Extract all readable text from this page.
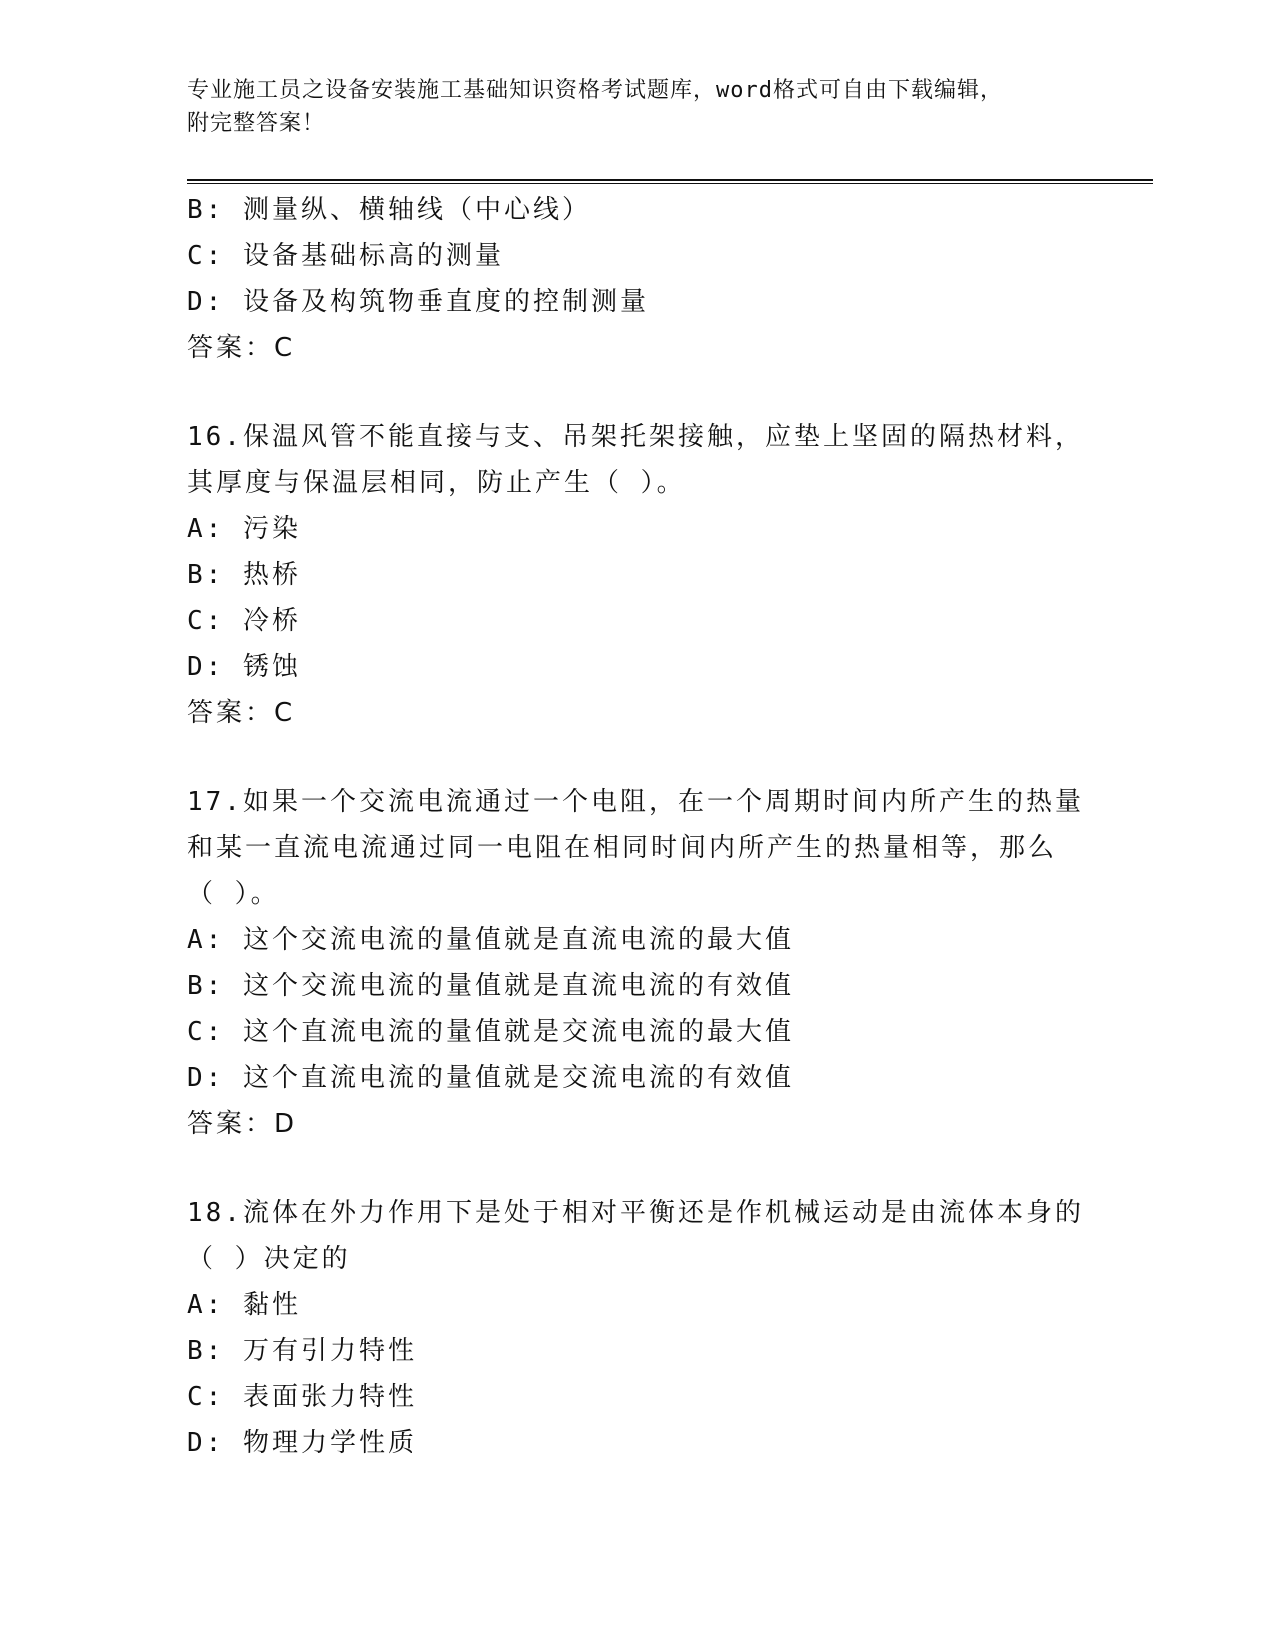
专业施工员之设备安装施工基础知识资格考试题库，word格式可自由下载编辑，
附完整答案！
B: 测量纵、横轴线（中心线）
C: 设备基础标高的测量
D: 设备及构筑物垂直度的控制测量
答案：C
16.保温风管不能直接与支、吊架托架接触，应垫上坚固的隔热材料，
其厚度与保温层相同，防止产生（ ）。
A: 污染
B: 热桥
C: 冷桥
D: 锈蚀
答案：C
17.如果一个交流电流通过一个电阻，在一个周期时间内所产生的热量
和某一直流电流通过同一电阻在相同时间内所产生的热量相等，那么
（ ）。
A: 这个交流电流的量值就是直流电流的最大值
B: 这个交流电流的量值就是直流电流的有效值
C: 这个直流电流的量值就是交流电流的最大值
D: 这个直流电流的量值就是交流电流的有效值
答案：D
18.流体在外力作用下是处于相对平衡还是作机械运动是由流体本身的
（ ）决定的
A: 黏性
B: 万有引力特性
C: 表面张力特性
D: 物理力学性质
